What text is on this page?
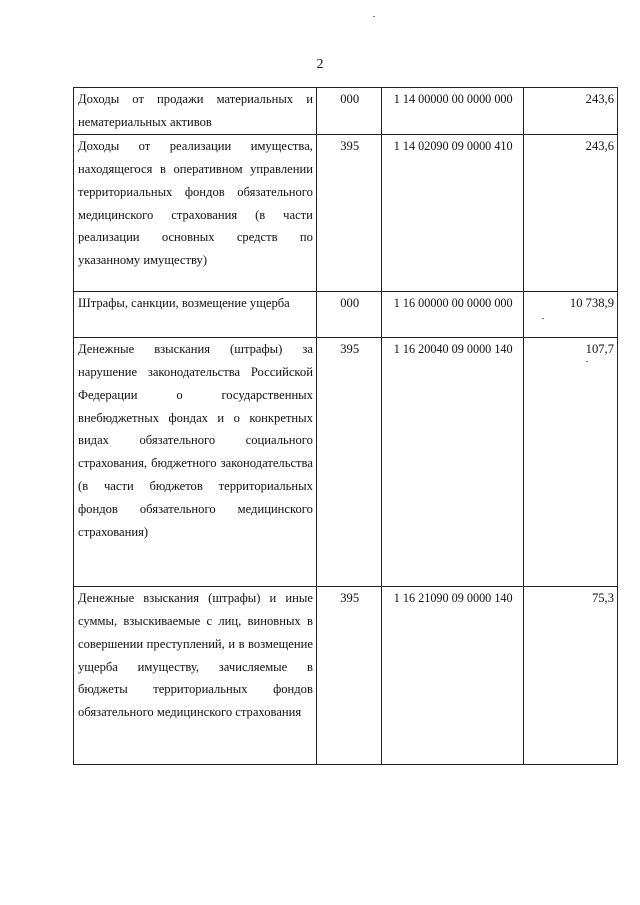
2
Доходы от продажи материальных и нематериальных активов	000	1 14 00000 00 0000 000	243,6
Доходы от реализации имущества, находящегося в оперативном управлении территориальных фондов обязательного медицинского страхования (в части реализации основных средств по указанному имуществу)	395	1 14 02090 09 0000 410	243,6
Штрафы, санкции, возмещение ущерба	000	1 16 00000 00 0000 000	10 738,9
Денежные взыскания (штрафы) за нарушение законодательства Российской Федерации о государственных внебюджетных фондах и о конкретных видах обязательного социального страхования, бюджетного законодательства (в части бюджетов территориальных фондов обязательного медицинского страхования)	395	1 16 20040 09 0000 140	107,7
Денежные взыскания (штрафы) и иные суммы, взыскиваемые с лиц, виновных в совершении преступлений, и в возмещение ущерба имуществу, зачисляемые в бюджеты территориальных фондов обязательного медицинского страхования	395	1 16 21090 09 0000 140	75,3
